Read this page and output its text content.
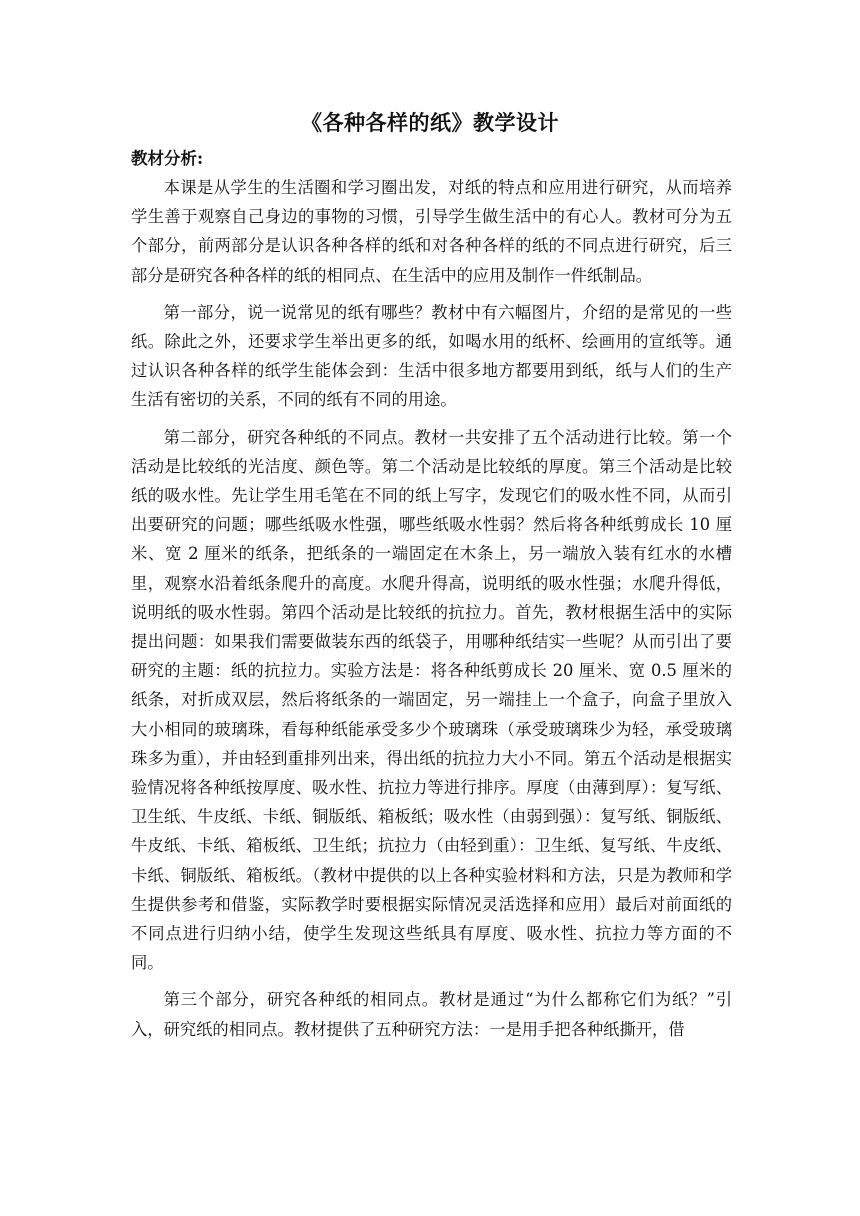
《各种各样的纸》教学设计
教材分析:

本课是从学生的生活圈和学习圈出发，对纸的特点和应用进行研究，从而培养学生善于观察自己身边的事物的习惯，引导学生做生活中的有心人。教材可分为五个部分，前两部分是认识各种各样的纸和对各种各样的纸的不同点进行研究，后三部分是研究各种各样的纸的相同点、在生活中的应用及制作一件纸制品。

第一部分，说一说常见的纸有哪些？教材中有六幅图片，介绍的是常见的一些纸。除此之外，还要求学生举出更多的纸，如喝水用的纸杯、绘画用的宣纸等。通过认识各种各样的纸学生能体会到：生活中很多地方都要用到纸，纸与人们的生产生活有密切的关系，不同的纸有不同的用途。

第二部分，研究各种纸的不同点。教材一共安排了五个活动进行比较。第一个活动是比较纸的光洁度、颜色等。第二个活动是比较纸的厚度。第三个活动是比较纸的吸水性。先让学生用毛笔在不同的纸上写字，发现它们的吸水性不同，从而引出要研究的问题；哪些纸吸水性强，哪些纸吸水性弱？然后将各种纸剪成长 10 厘米、宽 2 厘米的纸条，把纸条的一端固定在木条上，另一端放入装有红水的水槽里，观察水沿着纸条爬升的高度。水爬升得高，说明纸的吸水性强；水爬升得低，说明纸的吸水性弱。第四个活动是比较纸的抗拉力。首先，教材根据生活中的实际提出问题：如果我们需要做装东西的纸袋子，用哪种纸结实一些呢？从而引出了要研究的主题：纸的抗拉力。实验方法是：将各种纸剪成长 20 厘米、宽 0.5 厘米的纸条，对折成双层，然后将纸条的一端固定，另一端挂上一个盒子，向盒子里放入大小相同的玻璃珠，看每种纸能承受多少个玻璃珠（承受玻璃珠少为轻，承受玻璃珠多为重），并由轻到重排列出来，得出纸的抗拉力大小不同。第五个活动是根据实验情况将各种纸按厚度、吸水性、抗拉力等进行排序。厚度（由薄到厚）：复写纸、卫生纸、牛皮纸、卡纸、铜版纸、箱板纸；吸水性（由弱到强）：复写纸、铜版纸、牛皮纸、卡纸、箱板纸、卫生纸；抗拉力（由轻到重）：卫生纸、复写纸、牛皮纸、卡纸、铜版纸、箱板纸。（教材中提供的以上各种实验材料和方法，只是为教师和学生提供参考和借鉴，实际教学时要根据实际情况灵活选择和应用）最后对前面纸的不同点进行归纳小结，使学生发现这些纸具有厚度、吸水性、抗拉力等方面的不同。

第三个部分，研究各种纸的相同点。教材是通过“为什么都称它们为纸？”引入，研究纸的相同点。教材提供了五种研究方法：一是用手把各种纸撕开，借
